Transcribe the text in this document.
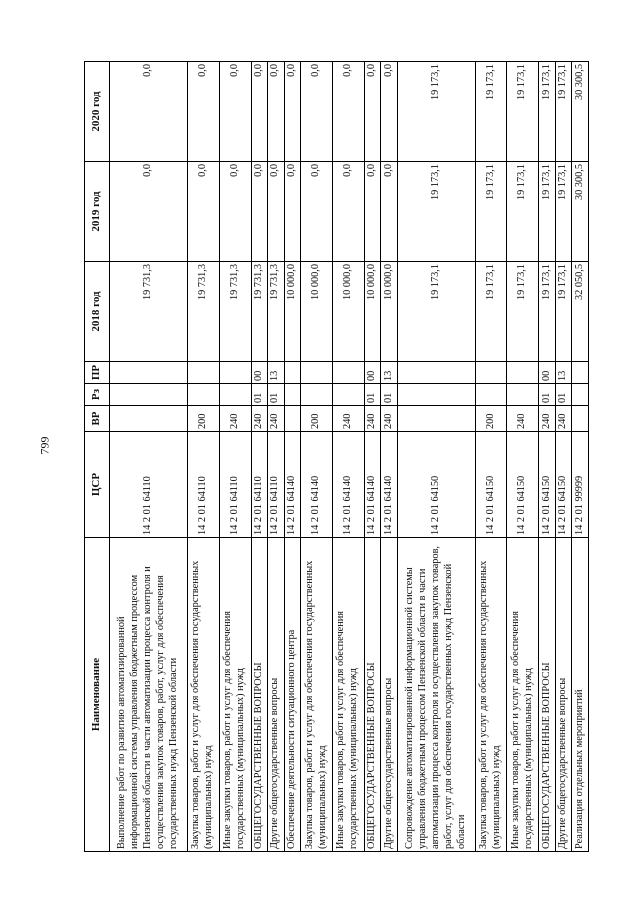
799
Наименование	ЦСР	ВР	Рз	ПР	2018 год	2019 год	2020 год
Выполнение работ по развитию автоматизированной информационной системы управления бюджетным процессом Пензенской области в части автоматизации процесса контроля и осуществления закупок товаров, работ, услуг для обеспечения государственных нужд Пензенской области	14 2 01 64110				19 731,3	0,0	0,0
Закупка товаров, работ и услуг для обеспечения государственных (муниципальных) нужд	14 2 01 64110	200			19 731,3	0,0	0,0
Иные закупки товаров, работ и услуг для обеспечения государственных (муниципальных) нужд	14 2 01 64110	240			19 731,3	0,0	0,0
ОБЩЕГОСУДАРСТВЕННЫЕ ВОПРОСЫ	14 2 01 64110	240	01	00	19 731,3	0,0	0,0
Другие общегосударственные вопросы	14 2 01 64110	240	01	13	19 731,3	0,0	0,0
Обеспечение деятельности ситуационного центра	14 2 01 64140				10 000,0	0,0	0,0
Закупка товаров, работ и услуг для обеспечения государственных (муниципальных) нужд	14 2 01 64140	200			10 000,0	0,0	0,0
Иные закупки товаров, работ и услуг для обеспечения государственных (муниципальных) нужд	14 2 01 64140	240			10 000,0	0,0	0,0
ОБЩЕГОСУДАРСТВЕННЫЕ ВОПРОСЫ	14 2 01 64140	240	01	00	10 000,0	0,0	0,0
Другие общегосударственные вопросы	14 2 01 64140	240	01	13	10 000,0	0,0	0,0
Сопровождение автоматизированной информационной системы управления бюджетным процессом Пензенской области в части автоматизации процесса контроля и осуществления закупок товаров, работ, услуг для обеспечения государственных нужд Пензенской области	14 2 01 64150				19 173,1	19 173,1	19 173,1
Закупка товаров, работ и услуг для обеспечения государственных (муниципальных) нужд	14 2 01 64150	200			19 173,1	19 173,1	19 173,1
Иные закупки товаров, работ и услуг для обеспечения государственных (муниципальных) нужд	14 2 01 64150	240			19 173,1	19 173,1	19 173,1
ОБЩЕГОСУДАРСТВЕННЫЕ ВОПРОСЫ	14 2 01 64150	240	01	00	19 173,1	19 173,1	19 173,1
Другие общегосударственные вопросы	14 2 01 64150	240	01	13	19 173,1	19 173,1	19 173,1
Реализация отдельных мероприятий	14 2 01 99999				32 050,5	30 300,5	30 300,5
